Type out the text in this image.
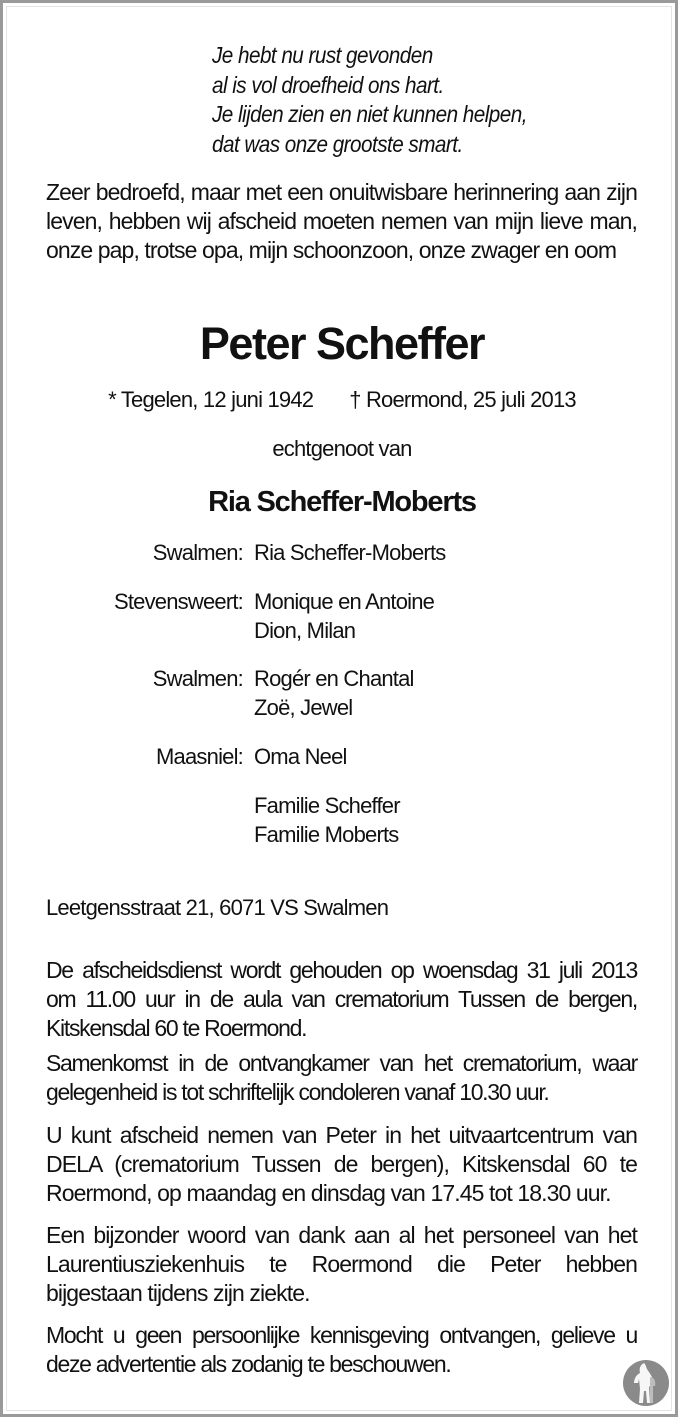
Je hebt nu rust gevonden
al is vol droefheid ons hart.
Je lijden zien en niet kunnen helpen,
dat was onze grootste smart.
Zeer bedroefd, maar met een onuitwisbare herinnering aan zijn leven, hebben wij afscheid moeten nemen van mijn lieve man, onze pap, trotse opa, mijn schoonzoon, onze zwager en oom
Peter Scheffer
* Tegelen, 12 juni 1942 † Roermond, 25 juli 2013
echtgenoot van
Ria Scheffer-Moberts
Swalmen: Ria Scheffer-Moberts
Stevensweert: Monique en Antoine
Dion, Milan
Swalmen: Rogér en Chantal
Zoë, Jewel
Maasniel: Oma Neel
Familie Scheffer
Familie Moberts
Leetgensstraat 21, 6071 VS Swalmen
De afscheidsdienst wordt gehouden op woensdag 31 juli 2013 om 11.00 uur in de aula van crematorium Tussen de bergen, Kitskensdal 60 te Roermond.
Samenkomst in de ontvangkamer van het crematorium, waar gelegenheid is tot schriftelijk condoleren vanaf 10.30 uur.
U kunt afscheid nemen van Peter in het uitvaartcentrum van DELA (crematorium Tussen de bergen), Kitskensdal 60 te Roermond, op maandag en dinsdag van 17.45 tot 18.30 uur.
Een bijzonder woord van dank aan al het personeel van het Laurentiusziekenhuis te Roermond die Peter hebben bijgestaan tijdens zijn ziekte.
Mocht u geen persoonlijke kennisgeving ontvangen, gelieve u deze advertentie als zodanig te beschouwen.
